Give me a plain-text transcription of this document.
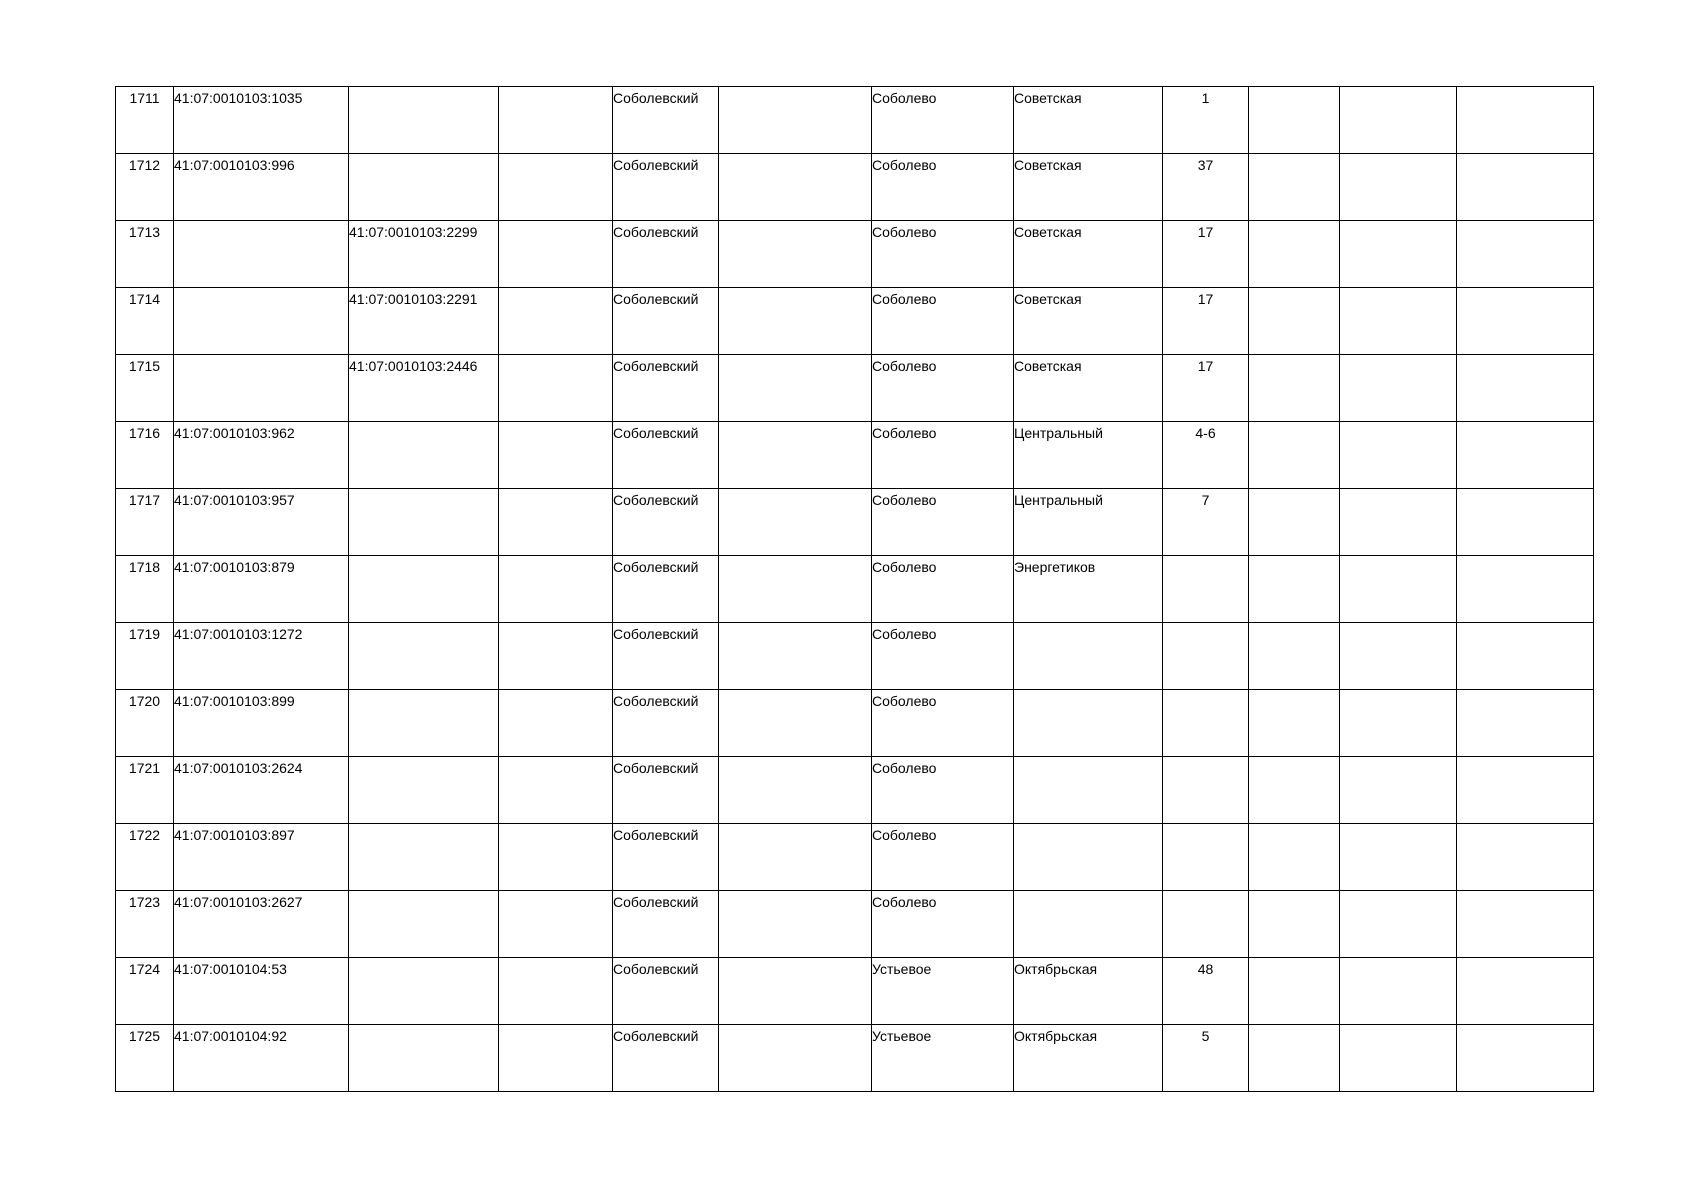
1711	41:07:0010103:1035			Соболевский		Соболево	Советская	1			
1712	41:07:0010103:996			Соболевский		Соболево	Советская	37			
1713		41:07:0010103:2299		Соболевский		Соболево	Советская	17			
1714		41:07:0010103:2291		Соболевский		Соболево	Советская	17			
1715		41:07:0010103:2446		Соболевский		Соболево	Советская	17			
1716	41:07:0010103:962			Соболевский		Соболево	Центральный	4-6			
1717	41:07:0010103:957			Соболевский		Соболево	Центральный	7			
1718	41:07:0010103:879			Соболевский		Соболево	Энергетиков				
1719	41:07:0010103:1272			Соболевский		Соболево					
1720	41:07:0010103:899			Соболевский		Соболево					
1721	41:07:0010103:2624			Соболевский		Соболево					
1722	41:07:0010103:897			Соболевский		Соболево					
1723	41:07:0010103:2627			Соболевский		Соболево					
1724	41:07:0010104:53			Соболевский		Устьевое	Октябрьская	48			
1725	41:07:0010104:92			Соболевский		Устьевое	Октябрьская	5			
